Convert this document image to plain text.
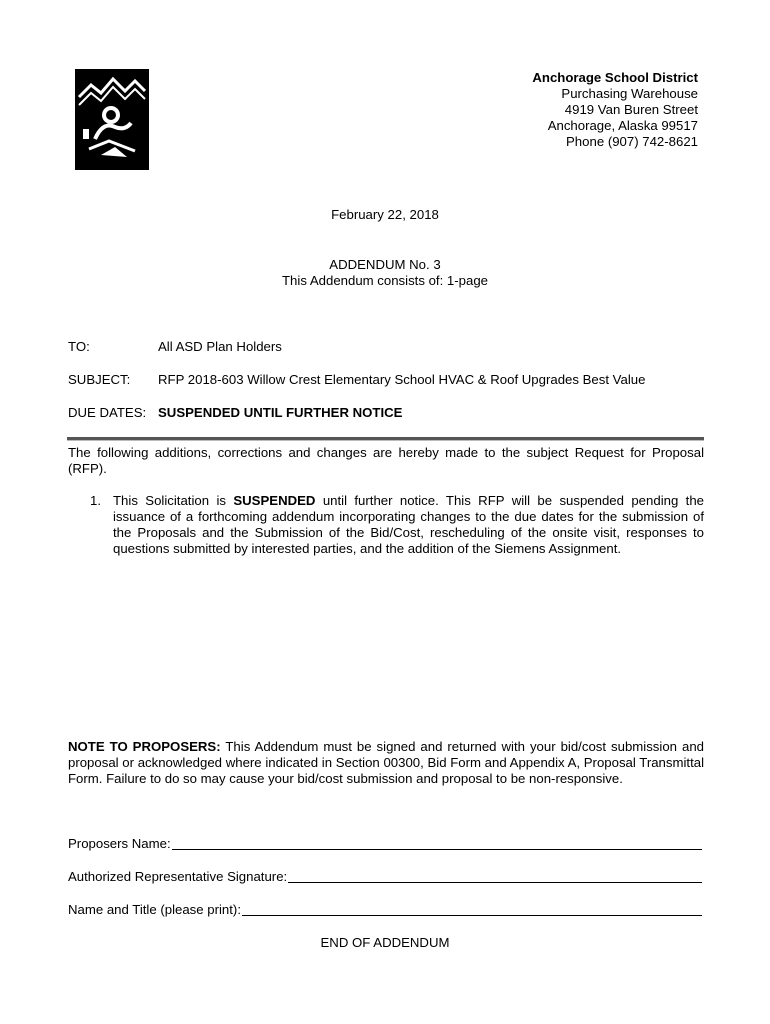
Anchorage School District
Purchasing Warehouse
4919 Van Buren Street
Anchorage, Alaska 99517
Phone (907) 742-8621
February 22, 2018
ADDENDUM No. 3
This Addendum consists of: 1-page
TO:	All ASD Plan Holders
SUBJECT: RFP 2018-603 Willow Crest Elementary School HVAC & Roof Upgrades Best Value
DUE DATES: SUSPENDED UNTIL FURTHER NOTICE
The following additions, corrections and changes are hereby made to the subject Request for Proposal (RFP).
1. This Solicitation is SUSPENDED until further notice. This RFP will be suspended pending the issuance of a forthcoming addendum incorporating changes to the due dates for the submission of the Proposals and the Submission of the Bid/Cost, rescheduling of the onsite visit, responses to questions submitted by interested parties, and the addition of the Siemens Assignment.
NOTE TO PROPOSERS: This Addendum must be signed and returned with your bid/cost submission and proposal or acknowledged where indicated in Section 00300, Bid Form and Appendix A, Proposal Transmittal Form. Failure to do so may cause your bid/cost submission and proposal to be non-responsive.
Proposers Name:
Authorized Representative Signature:
Name and Title (please print):
END OF ADDENDUM
